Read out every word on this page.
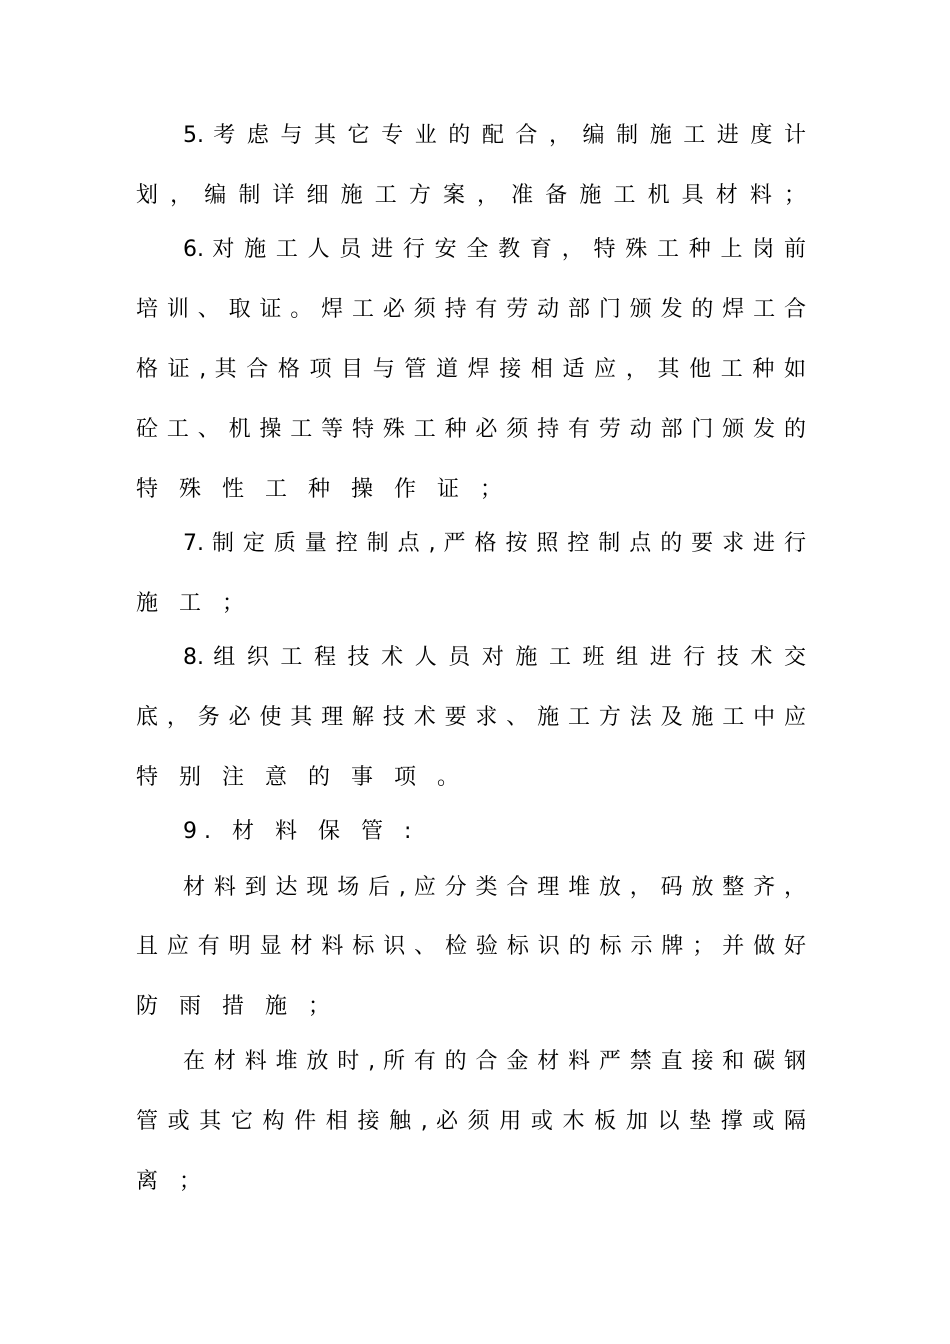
5. 考 虑 与 其 它 专 业 的 配 合 ， 编 制 施 工 进 度 计
划 ， 编 制 详 细 施 工 方 案 ， 准 备 施 工 机 具 材 料 ；
6. 对 施 工 人 员 进 行 安 全 教 育 ， 特 殊 工 种 上 岗 前
培 训 、 取 证 。 焊 工 必 须 持 有 劳 动 部 门 颁 发 的 焊 工 合
格 证 , 其 合 格 项 目 与 管 道 焊 接 相 适 应 ， 其 他 工 种 如
砼 工 、 机 操 工 等 特 殊 工 种 必 须 持 有 劳 动 部 门 颁 发 的
特 殊 性 工 种 操 作 证 ；
7. 制 定 质 量 控 制 点 , 严 格 按 照 控 制 点 的 要 求 进 行
施 工 ；
8. 组 织 工 程 技 术 人 员 对 施 工 班 组 进 行 技 术 交
底 ， 务 必 使 其 理 解 技 术 要 求 、 施 工 方 法 及 施 工 中 应
特 别 注 意 的 事 项 。
9. 材 料 保 管 :
材 料 到 达 现 场 后 , 应 分 类 合 理 堆 放 ， 码 放 整 齐 ，
且 应 有 明 显 材 料 标 识 、 检 验 标 识 的 标 示 牌 ； 并 做 好
防 雨 措 施 ；
在 材 料 堆 放 时 , 所 有 的 合 金 材 料 严 禁 直 接 和 碳 钢
管 或 其 它 构 件 相 接 触 , 必 须 用 或 木 板 加 以 垫 撑 或 隔
离 ；
